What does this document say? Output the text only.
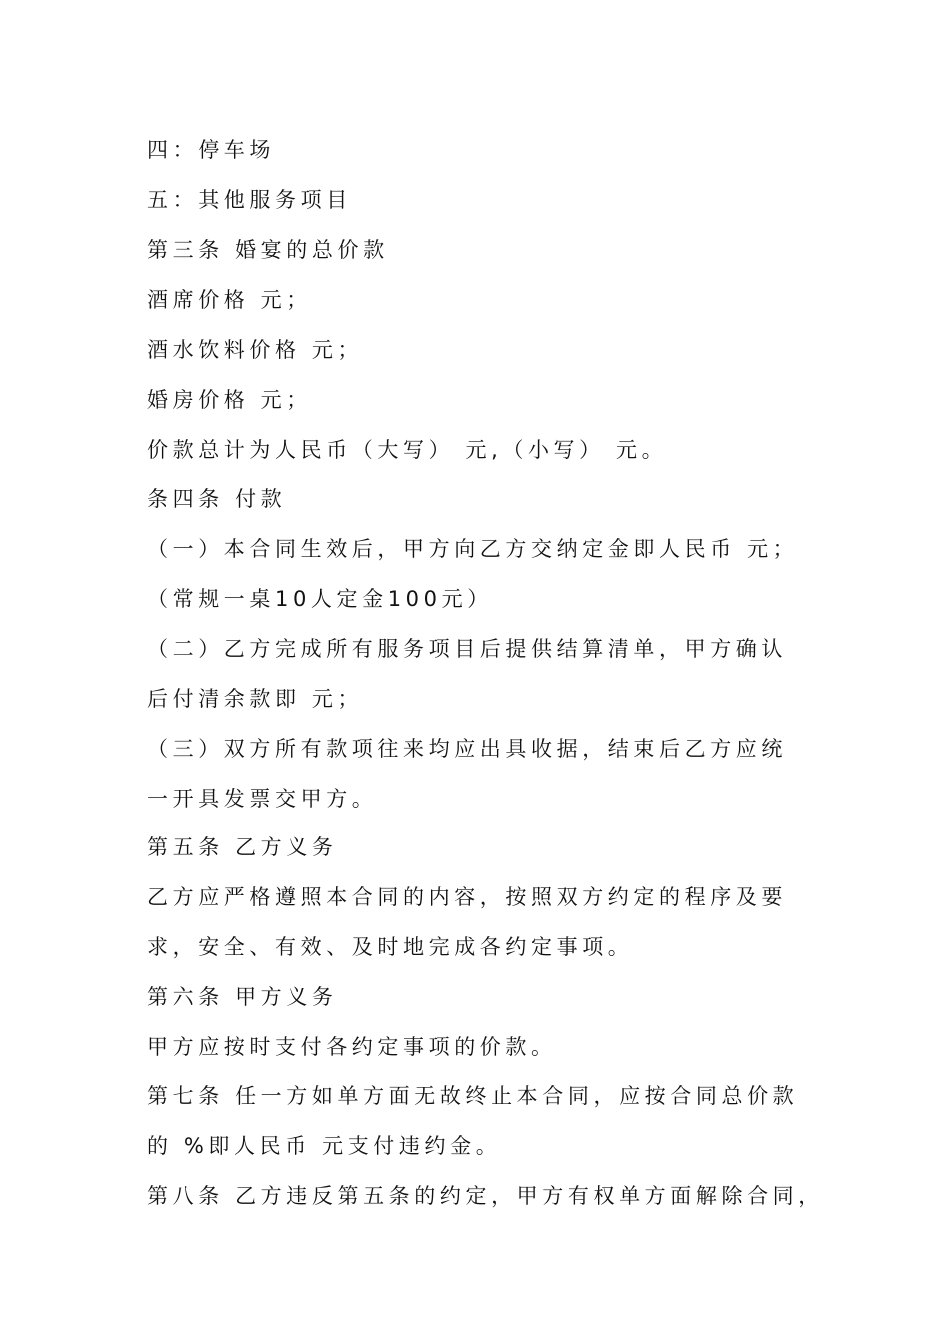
四：停车场
五：其他服务项目
第三条 婚宴的总价款
酒席价格 元；
酒水饮料价格 元；
婚房价格 元；
价款总计为人民币（大写） 元,（小写） 元。
条四条 付款
（一）本合同生效后，甲方向乙方交纳定金即人民币 元；
（常规一桌10人定金100元）
（二）乙方完成所有服务项目后提供结算清单，甲方确认
后付清余款即 元；
（三）双方所有款项往来均应出具收据，结束后乙方应统
一开具发票交甲方。
第五条 乙方义务
乙方应严格遵照本合同的内容，按照双方约定的程序及要
求，安全、有效、及时地完成各约定事项。
第六条 甲方义务
甲方应按时支付各约定事项的价款。
第七条 任一方如单方面无故终止本合同，应按合同总价款
的 %即人民币 元支付违约金。
第八条 乙方违反第五条的约定，甲方有权单方面解除合同，
